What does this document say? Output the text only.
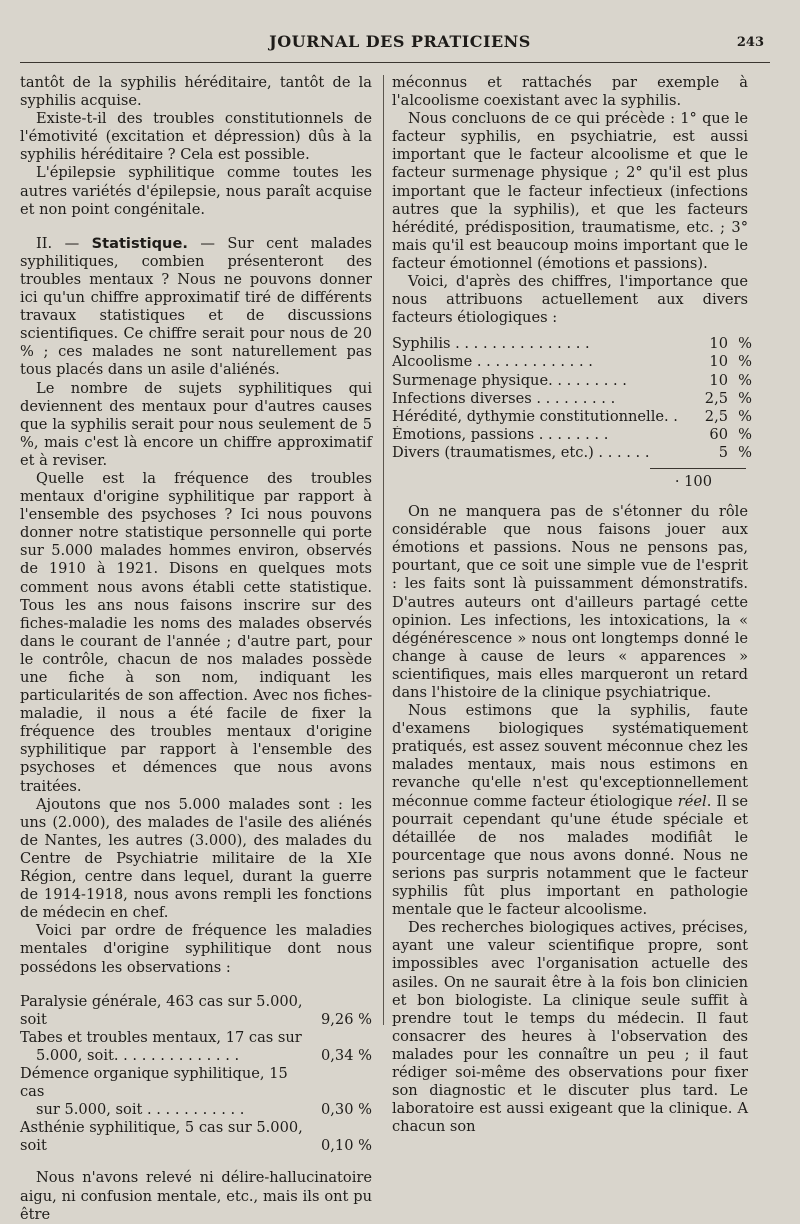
JOURNAL DES PRATICIENS	243

tantôt de la syphilis héréditaire, tantôt de la syphilis acquise.

Existe-t-il des troubles constitutionnels de l'émotivité (excitation et dépression) dûs à la syphilis héréditaire ? Cela est possible.

L'épilepsie syphilitique comme toutes les autres variétés d'épilepsie, nous paraît acquise et non point congénitale.

II. — Statistique. — Sur cent malades syphilitiques, combien présenteront des troubles mentaux ? Nous ne pouvons donner ici qu'un chiffre approximatif tiré de différents travaux statistiques et de discussions scientifiques. Ce chiffre serait pour nous de 20 % ; ces malades ne sont naturellement pas tous placés dans un asile d'aliénés.

Le nombre de sujets syphilitiques qui deviennent des mentaux pour d'autres causes que la syphilis serait pour nous seulement de 5 %, mais c'est là encore un chiffre approximatif et à reviser.

Quelle est la fréquence des troubles mentaux d'origine syphilitique par rapport à l'ensemble des psychoses ? Ici nous pouvons donner notre statistique personnelle qui porte sur 5.000 malades hommes environ, observés de 1910 à 1921. Disons en quelques mots comment nous avons établi cette statistique. Tous les ans nous faisons inscrire sur des fiches-maladie les noms des malades observés dans le courant de l'année ; d'autre part, pour le contrôle, chacun de nos malades possède une fiche à son nom, indiquant les particularités de son affection. Avec nos fiches-maladie, il nous a été facile de fixer la fréquence des troubles mentaux d'origine syphilitique par rapport à l'ensemble des psychoses et démences que nous avons traitées.

Ajoutons que nos 5.000 malades sont : les uns (2.000), des malades de l'asile des aliénés de Nantes, les autres (3.000), des malades du Centre de Psychiatrie militaire de la XIe Région, centre dans lequel, durant la guerre de 1914-1918, nous avons rempli les fonctions de médecin en chef.

Voici par ordre de fréquence les maladies mentales d'origine syphilitique dont nous possédons les observations :

Paralysie générale, 463 cas sur 5.000, soit	9,26 %
Tabes et troubles mentaux, 17 cas sur
5.000, soit. . . . . . . . . . . . . .	0,34 %
Démence organique syphilitique, 15 cas
sur 5.000, soit . . . . . . . . . . .	0,30 %
Asthénie syphilitique, 5 cas sur 5.000, soit	0,10 %

Nous n'avons relevé ni délire-hallucinatoire aigu, ni confusion mentale, etc., mais ils ont pu être

méconnus et rattachés par exemple à l'alcoolisme coexistant avec la syphilis.

Nous concluons de ce qui précède : 1° que le facteur syphilis, en psychiatrie, est aussi important que le facteur alcoolisme et que le facteur surmenage physique ; 2° qu'il est plus important que le facteur infectieux (infections autres que la syphilis), et que les facteurs hérédité, prédisposition, traumatisme, etc. ; 3° mais qu'il est beaucoup moins important que le facteur émotionnel (émotions et passions).

Voici, d'après des chiffres, l'importance que nous attribuons actuellement aux divers facteurs étiologiques :

Syphilis . . . . . . . . . . . . . . .	10 %
Alcoolisme . . . . . . . . . . . . .	10 %
Surmenage physique. . . . . . . . .	10 %
Infections diverses . . . . . . . . .	2,5 %
Hérédité, dythymie constitutionnelle. .	2,5 %
Émotions, passions . . . . . . . .	60 %
Divers (traumatismes, etc.) . . . . . .	5 %
· 100

On ne manquera pas de s'étonner du rôle considérable que nous faisons jouer aux émotions et passions. Nous ne pensons pas, pourtant, que ce soit une simple vue de l'esprit : les faits sont là puissamment démonstratifs. D'autres auteurs ont d'ailleurs partagé cette opinion. Les infections, les intoxications, la « dégénérescence » nous ont longtemps donné le change à cause de leurs « apparences » scientifiques, mais elles marqueront un retard dans l'histoire de la clinique psychiatrique.

Nous estimons que la syphilis, faute d'examens biologiques systématiquement pratiqués, est assez souvent méconnue chez les malades mentaux, mais nous estimons en revanche qu'elle n'est qu'exceptionnellement méconnue comme facteur étiologique réel. Il se pourrait cependant qu'une étude spéciale et détaillée de nos malades modifiât le pourcentage que nous avons donné. Nous ne serions pas surpris notamment que le facteur syphilis fût plus important en pathologie mentale que le facteur alcoolisme.

Des recherches biologiques actives, précises, ayant une valeur scientifique propre, sont impossibles avec l'organisation actuelle des asiles. On ne saurait être à la fois bon clinicien et bon biologiste. La clinique seule suffit à prendre tout le temps du médecin. Il faut consacrer des heures à l'observation des malades pour les connaître un peu ; il faut rédiger soi-même des observations pour fixer son diagnostic et le discuter plus tard. Le laboratoire est aussi exigeant que la clinique. A chacun son
